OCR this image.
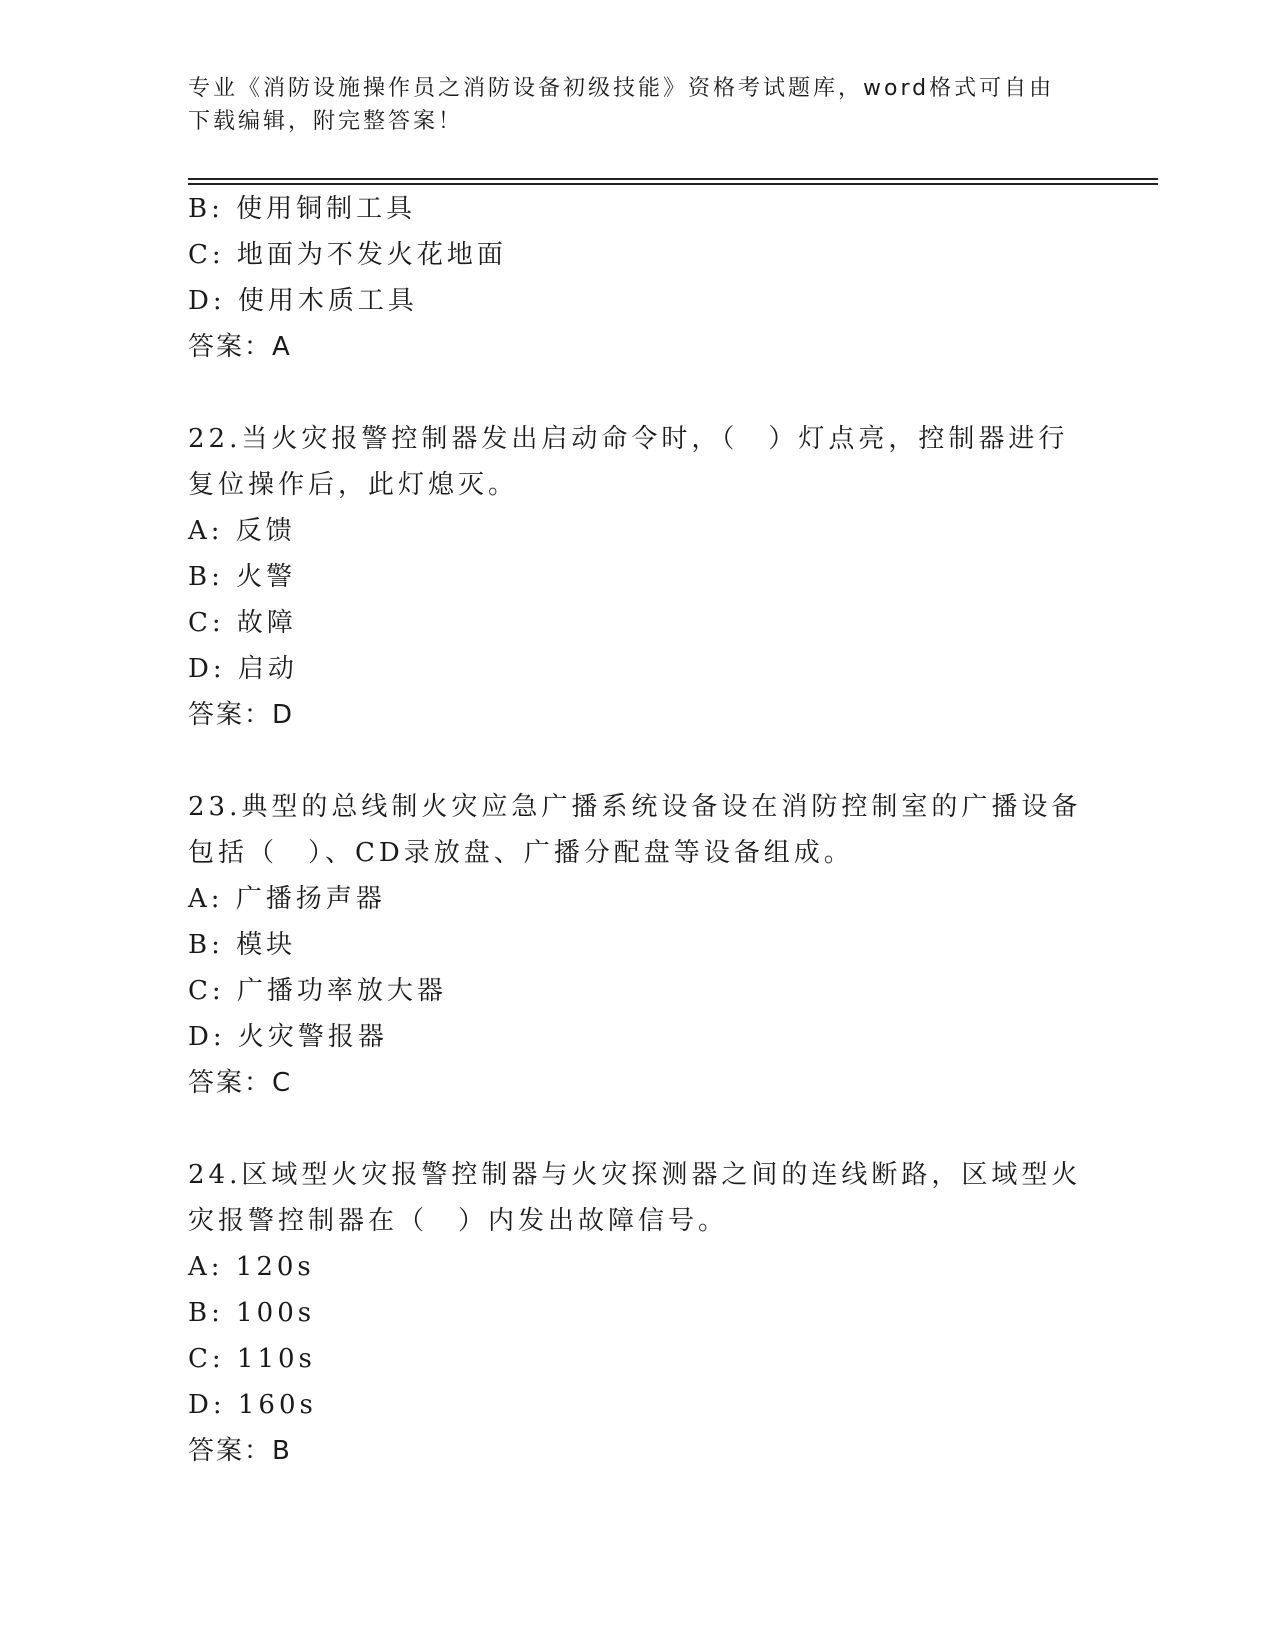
专业《消防设施操作员之消防设备初级技能》资格考试题库，word格式可自由下载编辑，附完整答案！
B: 使用铜制工具
C: 地面为不发火花地面
D: 使用木质工具
答案：A
22.当火灾报警控制器发出启动命令时，（　）灯点亮，控制器进行复位操作后，此灯熄灭。
A: 反馈
B: 火警
C: 故障
D: 启动
答案：D
23.典型的总线制火灾应急广播系统设备设在消防控制室的广播设备包括（　）、CD录放盘、广播分配盘等设备组成。
A: 广播扬声器
B: 模块
C: 广播功率放大器
D: 火灾警报器
答案：C
24.区域型火灾报警控制器与火灾探测器之间的连线断路，区域型火灾报警控制器在（　）内发出故障信号。
A: 120s
B: 100s
C: 110s
D: 160s
答案：B
